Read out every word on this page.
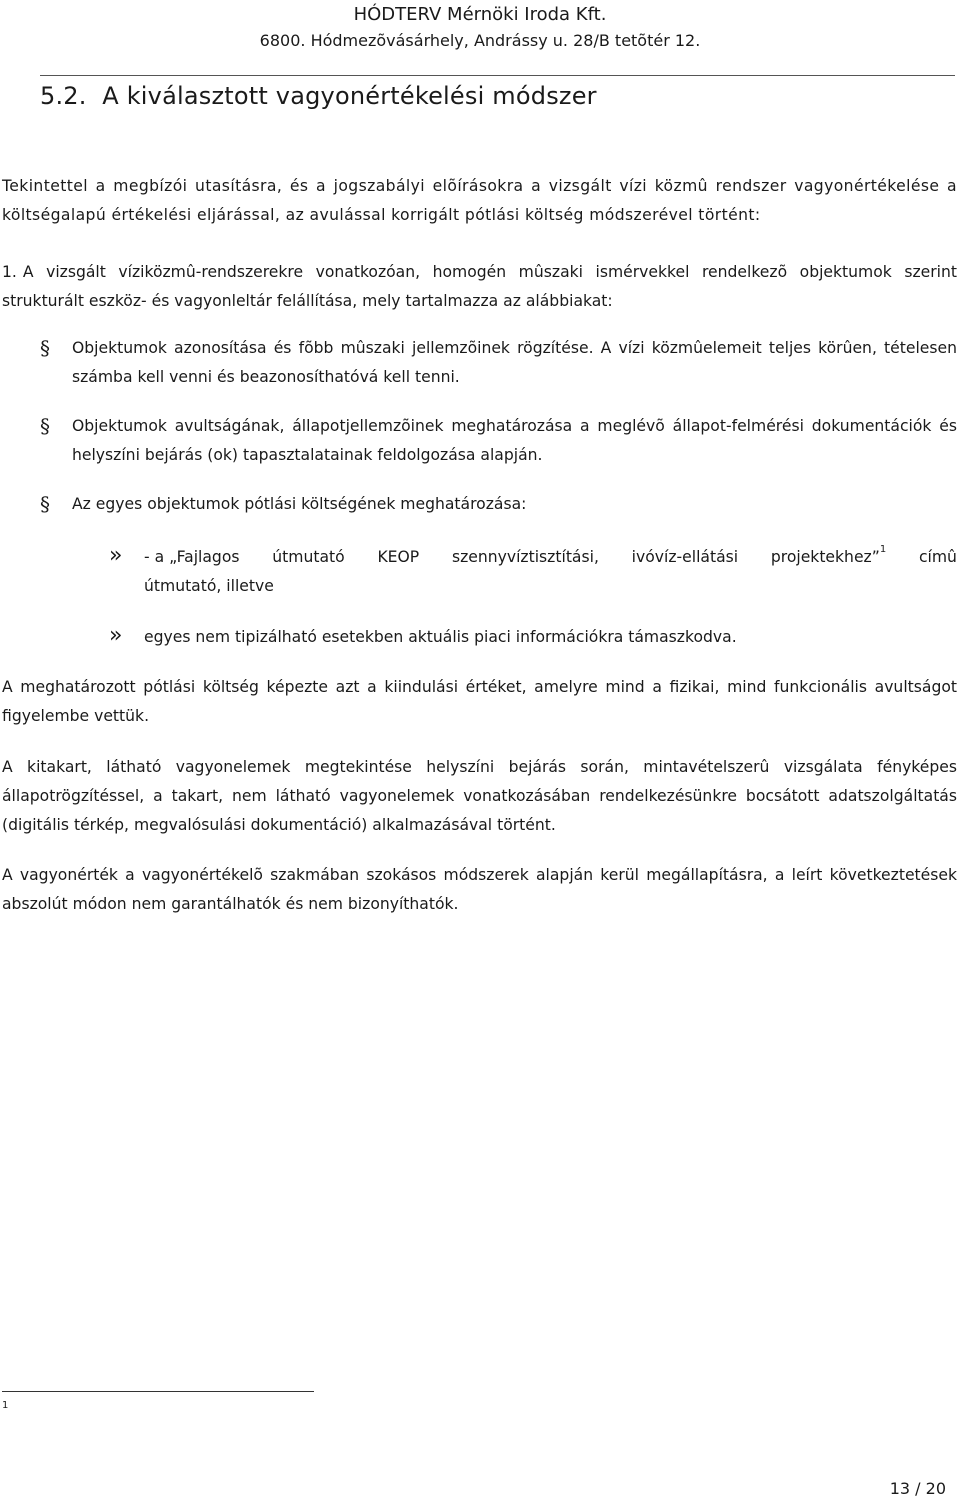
HÓDTERV Mérnöki Iroda Kft.
6800. Hódmezõvásárhely, Andrássy u. 28/B tetõtér 12.
5.2.  A kiválasztott vagyonértékelési módszer

Tekintettel a megbízói utasításra, és a jogszabályi elõírásokra a vizsgált vízi közmû rendszer vagyonértékelése a költségalapú értékelési eljárással, az avulással korrigált pótlási költség módszerével történt:

1. A vizsgált víziközmû-rendszerekre vonatkozóan, homogén mûszaki ismérvekkel rendelkezõ objektumok szerint strukturált eszköz- és vagyonleltár felállítása, mely tartalmazza az alábbiakat:

§ Objektumok azonosítása és fõbb mûszaki jellemzõinek rögzítése. A vízi közmûelemeit teljes körûen, tételesen számba kell venni és beazonosíthatóvá kell tenni.
§ Objektumok avultságának, állapotjellemzõinek meghatározása a meglévõ állapot-felmérési dokumentációk és helyszíni bejárás (ok) tapasztalatainak feldolgozása alapján.
§ Az egyes objektumok pótlási költségének meghatározása:
» - a „Fajlagos útmutató KEOP szennyvíztisztítási, ivóvíz-ellátási projektekhez”$^1$ címû
útmutató, illetve
» egyes nem tipizálható esetekben aktuális piaci információkra támaszkodva.

A meghatározott pótlási költség képezte azt a kiindulási értéket, amelyre mind a fizikai, mind funkcionális avultságot figyelembe vettük.

A kitakart, látható vagyonelemek megtekintése helyszíni bejárás során, mintavételszerû vizsgálata fényképes állapotrögzítéssel, a takart, nem látható vagyonelemek vonatkozásában rendelkezésünkre bocsátott adatszolgáltatás (digitális térkép, megvalósulási dokumentáció) alkalmazásával történt.

A vagyonérték a vagyonértékelõ szakmában szokásos módszerek alapján kerül megállapításra, a leírt következtetések abszolút módon nem garantálhatók és nem bizonyíthatók.

1
13 / 20
